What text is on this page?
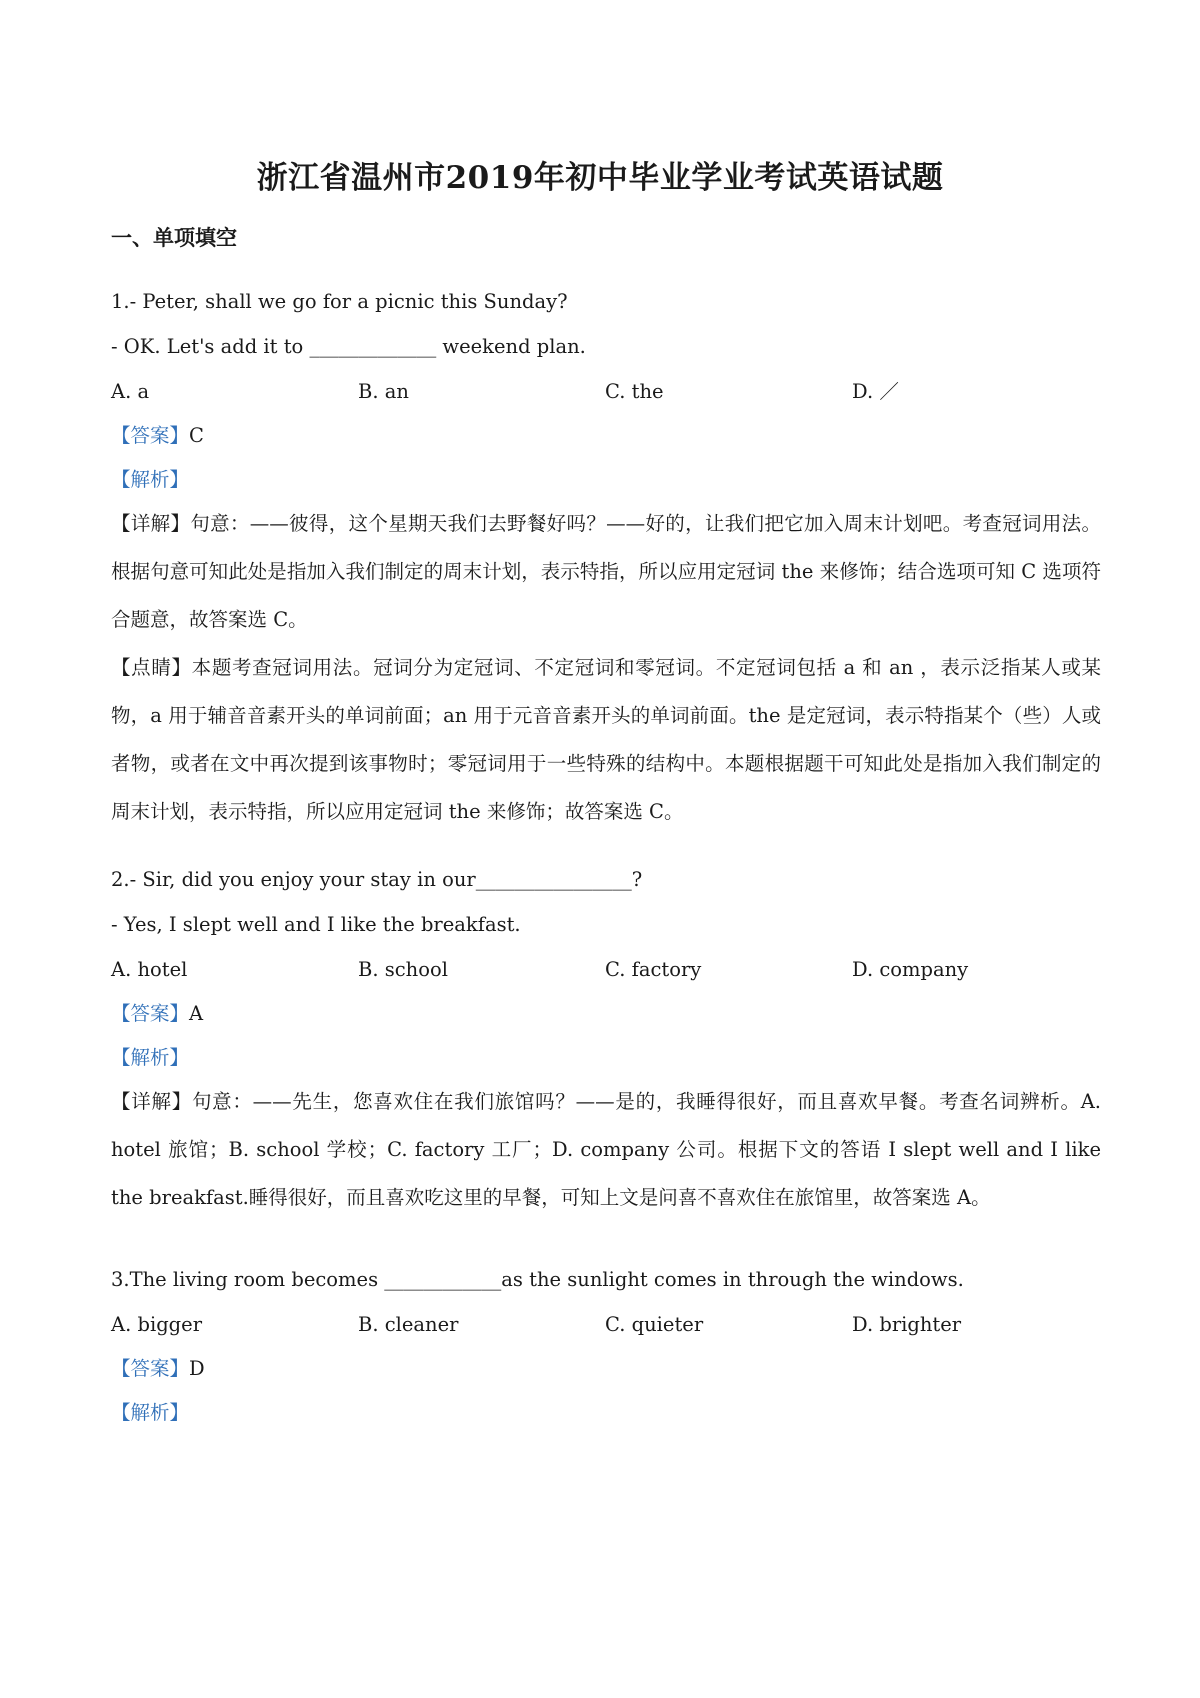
浙江省温州市2019年初中毕业学业考试英语试题
一、单项填空
1.- Peter, shall we go for a picnic this Sunday?
- OK. Let's add it to _____________ weekend plan.
A. a	B. an	C. the	D. ／
【答案】C
【解析】
【详解】句意：——彼得，这个星期天我们去野餐好吗？——好的，让我们把它加入周末计划吧。考查冠词用法。根据句意可知此处是指加入我们制定的周末计划，表示特指，所以应用定冠词 the 来修饰；结合选项可知 C 选项符合题意，故答案选 C。
【点睛】本题考查冠词用法。冠词分为定冠词、不定冠词和零冠词。不定冠词包括 a 和 an ，表示泛指某人或某物，a 用于辅音音素开头的单词前面；an 用于元音音素开头的单词前面。the 是定冠词，表示特指某个（些）人或者物，或者在文中再次提到该事物时；零冠词用于一些特殊的结构中。本题根据题干可知此处是指加入我们制定的周末计划，表示特指，所以应用定冠词 the 来修饰；故答案选 C。
2.- Sir, did you enjoy your stay in our________________?
- Yes, I slept well and I like the breakfast.
A. hotel	B. school	C. factory	D. company
【答案】A
【解析】
【详解】句意：——先生，您喜欢住在我们旅馆吗？——是的，我睡得很好，而且喜欢早餐。考查名词辨析。A. hotel 旅馆；B. school 学校；C. factory 工厂；D. company 公司。根据下文的答语 I slept well and I like the breakfast.睡得很好，而且喜欢吃这里的早餐，可知上文是问喜不喜欢住在旅馆里，故答案选 A。
3.The living room becomes ____________as the sunlight comes in through the windows.
A. bigger	B. cleaner	C. quieter	D. brighter
【答案】D
【解析】
